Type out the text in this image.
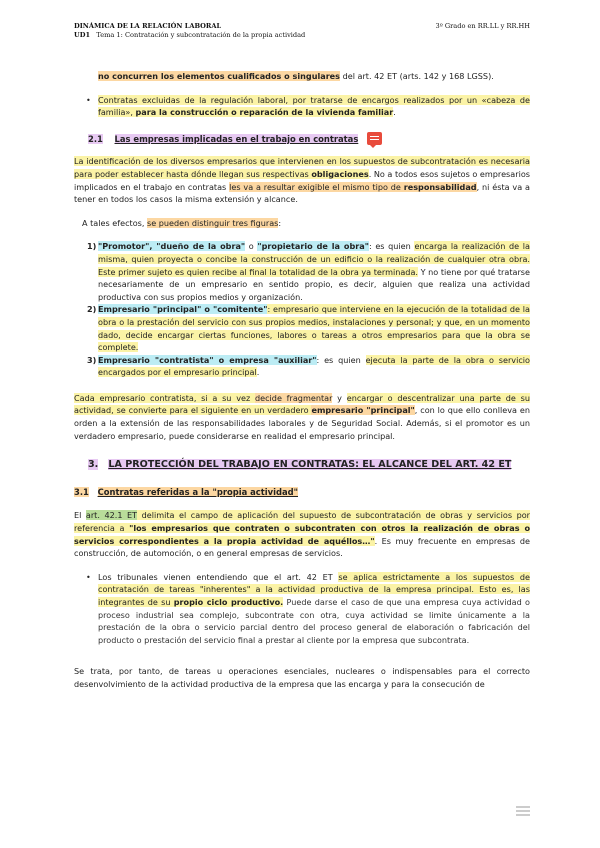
DINÁMICA DE LA RELACIÓN LABORAL
UD1 Tema 1: Contratación y subcontratación de la propia actividad
3º Grado en RR.LL y RR.HH

no concurren los elementos cualificados o singulares del art. 42 ET (arts. 142 y 168 LGSS).

• Contratas excluidas de la regulación laboral, por tratarse de encargos realizados por un «cabeza de familia», para la construcción o reparación de la vivienda familiar.

2.1 Las empresas implicadas en el trabajo en contratas

La identificación de los diversos empresarios que intervienen en los supuestos de subcontratación es necesaria para poder establecer hasta dónde llegan sus respectivas obligaciones. No a todos esos sujetos o empresarios implicados en el trabajo en contratas les va a resultar exigible el mismo tipo de responsabilidad, ni ésta va a tener en todos los casos la misma extensión y alcance.

A tales efectos, se pueden distinguir tres figuras:

1) "Promotor", "dueño de la obra" o "propietario de la obra": es quien encarga la realización de la misma, quien proyecta o concibe la construcción de un edificio o la realización de cualquier otra obra. Este primer sujeto es quien recibe al final la totalidad de la obra ya terminada. Y no tiene por qué tratarse necesariamente de un empresario en sentido propio, es decir, alguien que realiza una actividad productiva con sus propios medios y organización.

2) Empresario "principal" o "comitente": empresario que interviene en la ejecución de la totalidad de la obra o la prestación del servicio con sus propios medios, instalaciones y personal; y que, en un momento dado, decide encargar ciertas funciones, labores o tareas a otros empresarios para que la obra se complete.

3) Empresario "contratista" o empresa "auxiliar": es quien ejecuta la parte de la obra o servicio encargados por el empresario principal.

Cada empresario contratista, si a su vez decide fragmentar y encargar o descentralizar una parte de su actividad, se convierte para el siguiente en un verdadero empresario "principal", con lo que ello conlleva en orden a la extensión de las responsabilidades laborales y de Seguridad Social. Además, si el promotor es un verdadero empresario, puede considerarse en realidad el empresario principal.

3. LA PROTECCIÓN DEL TRABAJO EN CONTRATAS: EL ALCANCE DEL ART. 42 ET
3.1 Contratas referidas a la "propia actividad"

El art. 42.1 ET delimita el campo de aplicación del supuesto de subcontratación de obras y servicios por referencia a "los empresarios que contraten o subcontraten con otros la realización de obras o servicios correspondientes a la propia actividad de aquéllos…". Es muy frecuente en empresas de construcción, de automoción, o en general empresas de servicios.

• Los tribunales vienen entendiendo que el art. 42 ET se aplica estrictamente a los supuestos de contratación de tareas "inherentes" a la actividad productiva de la empresa principal. Esto es, las integrantes de su propio ciclo productivo. Puede darse el caso de que una empresa cuya actividad o proceso industrial sea complejo, subcontrate con otra, cuya actividad se limite únicamente a la prestación de la obra o servicio parcial dentro del proceso general de elaboración o fabricación del producto o prestación del servicio final a prestar al cliente por la empresa que subcontrata.

Se trata, por tanto, de tareas u operaciones esenciales, nucleares o indispensables para el correcto desenvolvimiento de la actividad productiva de la empresa que las encarga y para la consecución de
